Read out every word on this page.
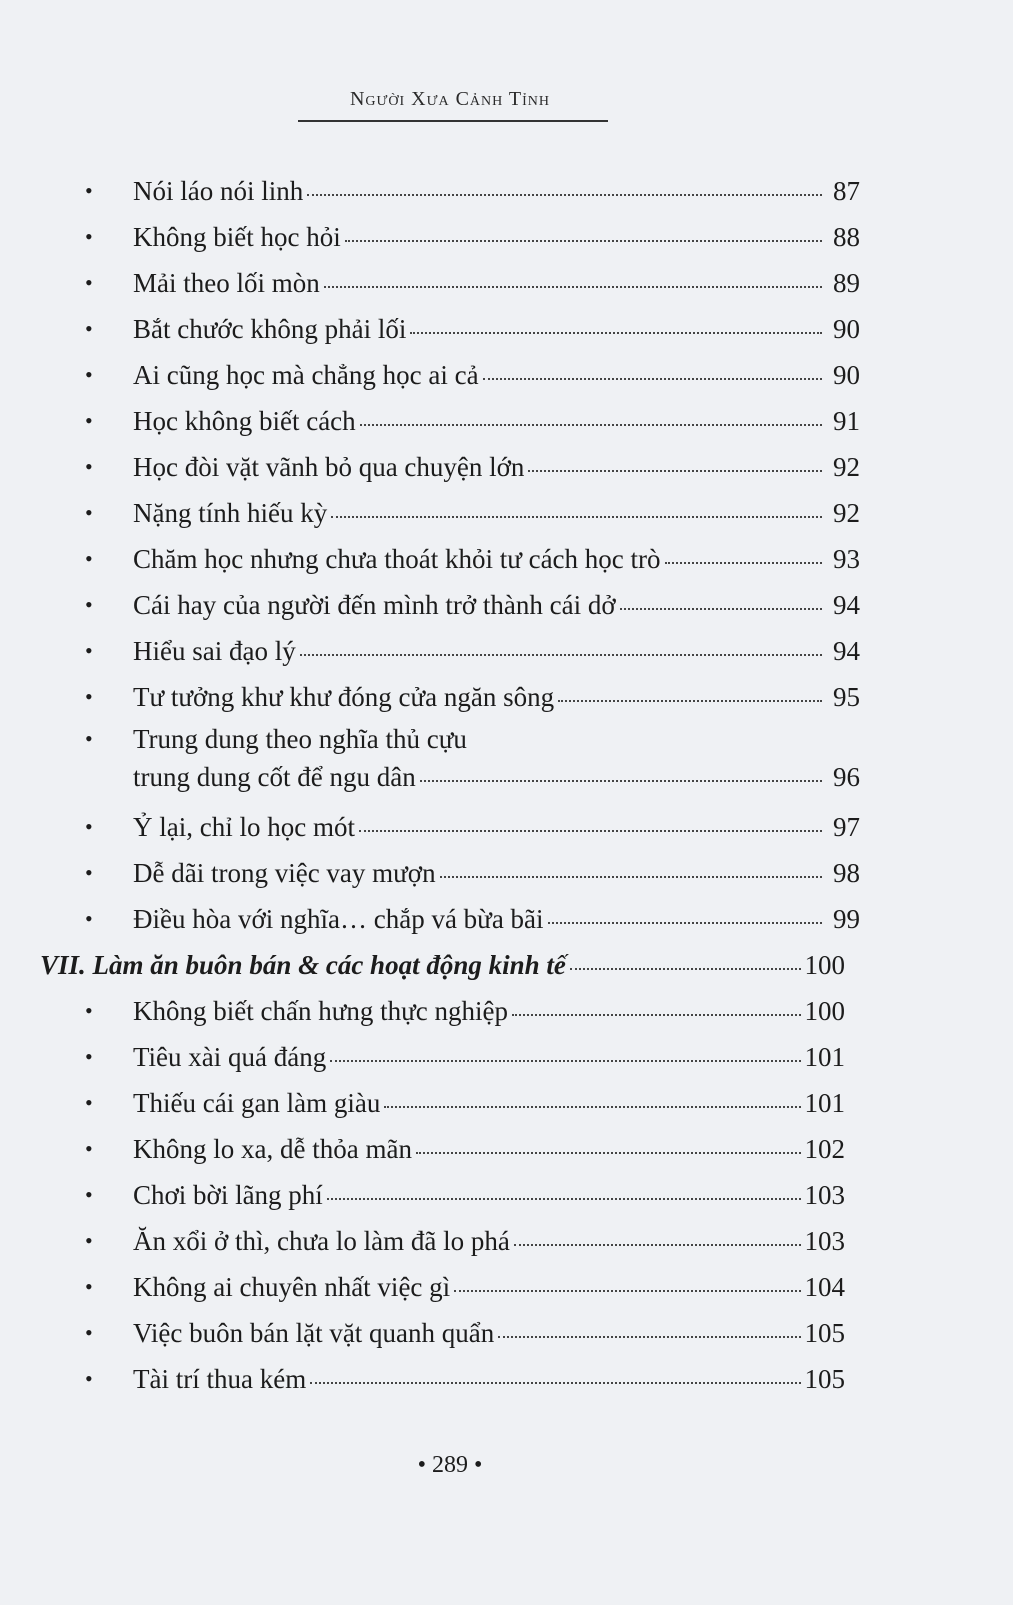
Người Xưa Cảnh Tỉnh
• Nói láo nói linh	87
• Không biết học hỏi	88
• Mải theo lối mòn	89
• Bắt chước không phải lối	90
• Ai cũng học mà chẳng học ai cả	90
• Học không biết cách	91
• Học đòi vặt vãnh bỏ qua chuyện lớn	92
• Nặng tính hiếu kỳ	92
• Chăm học nhưng chưa thoát khỏi tư cách học trò	93
• Cái hay của người đến mình trở thành cái dở	94
• Hiểu sai đạo lý	94
• Tư tưởng khư khư đóng cửa ngăn sông	95
• Trung dung theo nghĩa thủ cựu
trung dung cốt để ngu dân	96
• Ỷ lại, chỉ lo học mót	97
• Dễ dãi trong việc vay mượn	98
• Điều hòa với nghĩa… chắp vá bừa bãi	99
VII. Làm ăn buôn bán & các hoạt động kinh tế	100
• Không biết chấn hưng thực nghiệp	100
• Tiêu xài quá đáng	101
• Thiếu cái gan làm giàu	101
• Không lo xa, dễ thỏa mãn	102
• Chơi bời lãng phí	103
• Ăn xổi ở thì, chưa lo làm đã lo phá	103
• Không ai chuyên nhất việc gì	104
• Việc buôn bán lặt vặt quanh quẩn	105
• Tài trí thua kém	105
• 289 •
